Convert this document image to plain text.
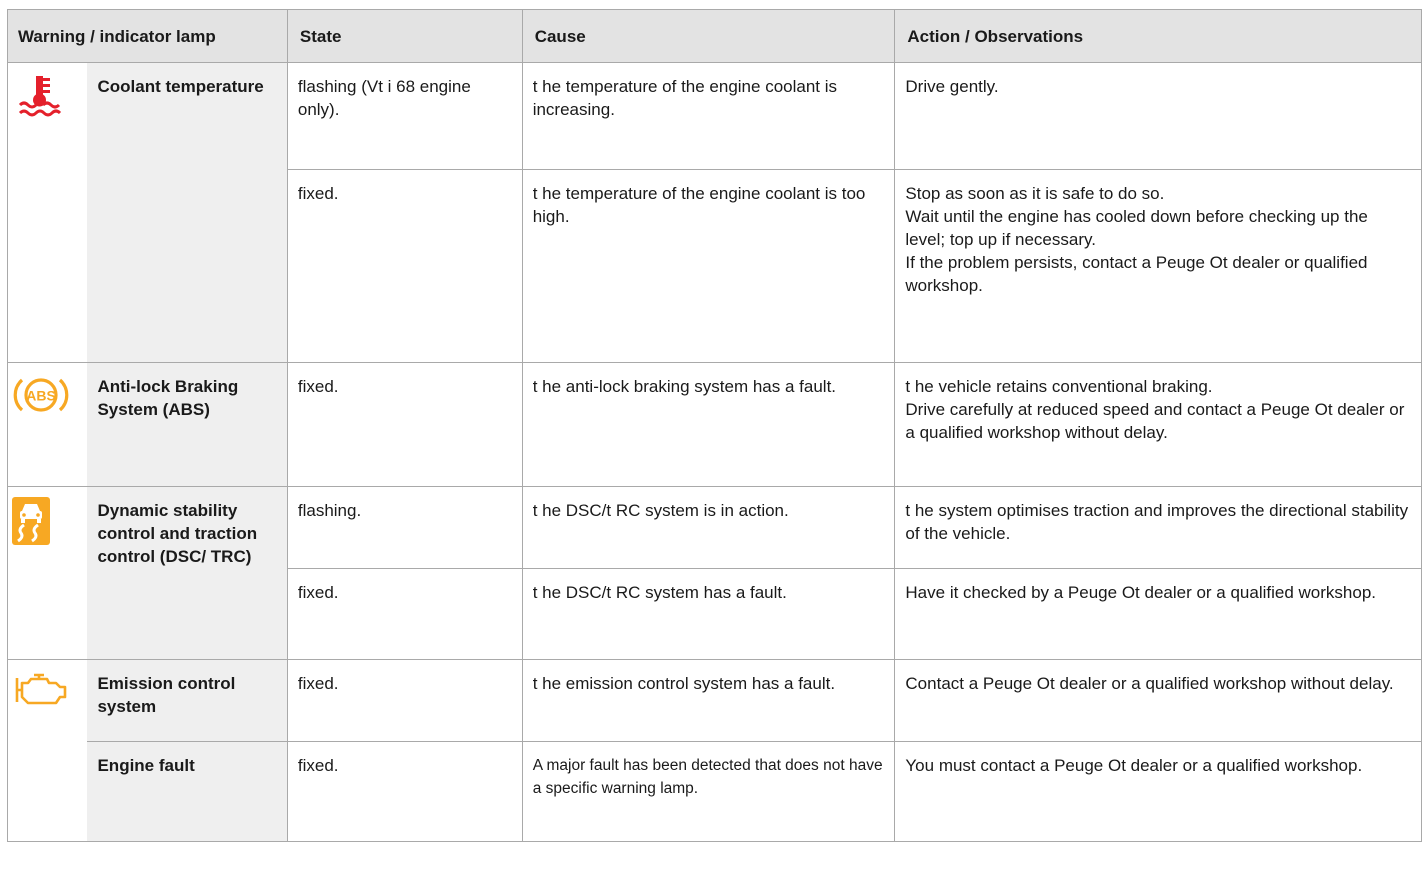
Warning / indicator lamp		State	Cause	Action / Observations

	Coolant temperature	flashing (Vt i 68 engine only).	t he temperature of the engine coolant is increasing.	Drive gently.
		fixed.	t he temperature of the engine coolant is too high.	Stop as soon as it is safe to do so.
Wait until the engine has cooled down before checking up the level; top up if necessary.
If the problem persists, contact a Peuge Ot dealer or qualified workshop.

ABS	Anti-lock Braking System (ABS)	fixed.	t he anti-lock braking system has a fault.	t he vehicle retains conventional braking.
Drive carefully at reduced speed and contact a Peuge Ot dealer or a qualified workshop without delay.

	Dynamic stability control and traction control (DSC/ TRC)	flashing.	t he DSC/t RC system is in action.	t he system optimises traction and improves the directional stability of the vehicle.
		fixed.	t he DSC/t RC system has a fault.	Have it checked by a Peuge Ot dealer or a qualified workshop.

	Emission control system	fixed.	t he emission control system has a fault.	Contact a Peuge Ot dealer or a qualified workshop without delay.
	Engine fault	fixed.	A major fault has been detected that does not have a specific warning lamp.	You must contact a Peuge Ot dealer or a qualified workshop.
